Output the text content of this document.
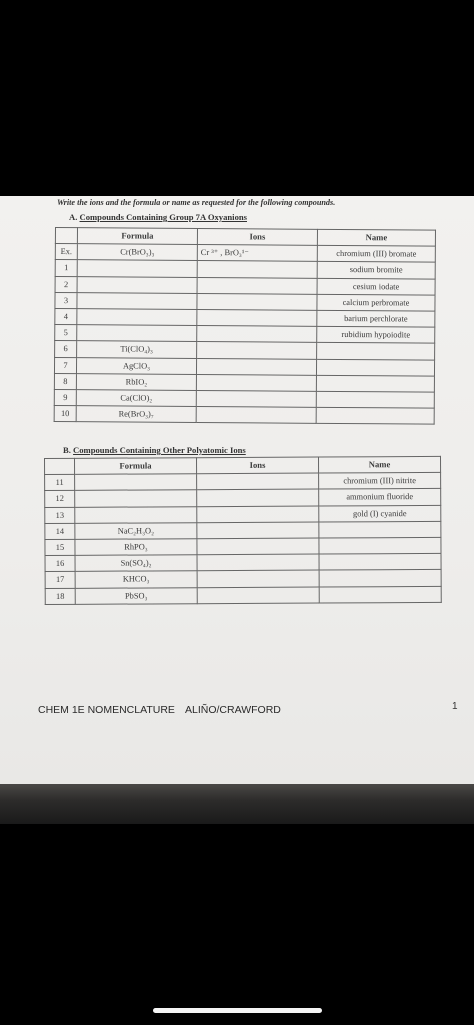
Write the ions and the formula or name as requested for the following compounds.
A. Compounds Containing Group 7A Oxyanions
	Formula	Ions	Name
Ex.	Cr(BrO₃)₃	Cr ³⁺ , BrO₃¹⁻	chromium (III) bromate
1			sodium bromite
2			cesium iodate
3			calcium perbromate
4			barium perchlorate
5			rubidium hypoiodite
6	Ti(ClO₄)₃		
7	AgClO₃		
8	RbIO₂		
9	Ca(ClO)₂		
10	Re(BrO₃)₇		
B. Compounds Containing Other Polyatomic Ions
	Formula	Ions	Name
11			chromium (III) nitrite
12			ammonium fluoride
13			gold (I) cyanide
14	NaC₂H₃O₂		
15	RhPO₃		
16	Sn(SO₄)₂		
17	KHCO₃		
18	PbSO₃		
CHEM 1E NOMENCLATURE ALIÑO/CRAWFORD	1
